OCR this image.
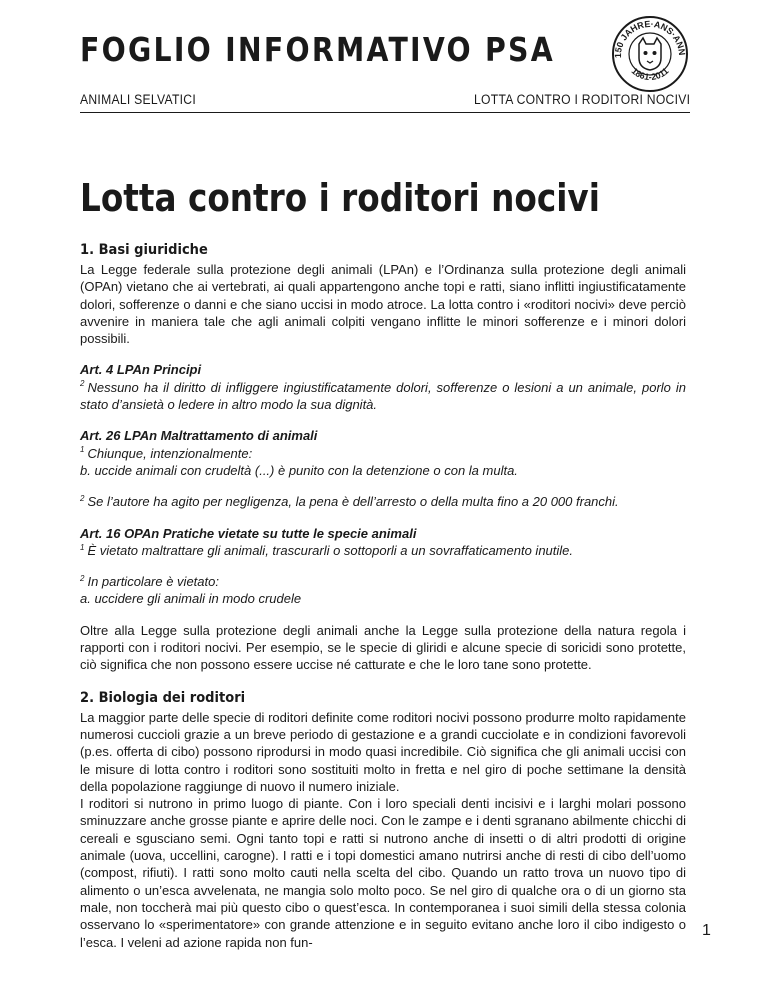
FOGLIO INFORMATIVO PSA	150 JAHRE·ANS·ANN
1861-2011
ANIMALI SELVATICI	LOTTA CONTRO I RODITORI NOCIVI
Lotta contro i roditori nocivi
1. Basi giuridiche

La Legge federale sulla protezione degli animali (LPAn) e l’Ordinanza sulla protezione degli animali (OPAn) vietano che ai vertebrati, ai quali appartengono anche topi e ratti, siano inflitti ingiustificatamente dolori, sofferenze o danni e che siano uccisi in modo atroce. La lotta contro i «roditori nocivi» deve perciò avvenire in maniera tale che agli animali colpiti vengano inflitte le minori sofferenze e i minori dolori possibili.

Art. 4 LPAn Principi

$^2$ Nessuno ha il diritto di infliggere ingiustificatamente dolori, sofferenze o lesioni a un animale, porlo in stato d’ansietà o ledere in altro modo la sua dignità.

Art. 26 LPAn Maltrattamento di animali

$^1$ Chiunque, intenzionalmente:

b. uccide animali con crudeltà (...) è punito con la detenzione o con la multa.

$^2$ Se l’autore ha agito per negligenza, la pena è dell’arresto o della multa fino a 20 000 franchi.

Art. 16 OPAn Pratiche vietate su tutte le specie animali

$^1$ È vietato maltrattare gli animali, trascurarli o sottoporli a un sovraffaticamento inutile.

$^2$ In particolare è vietato:

a. uccidere gli animali in modo crudele

Oltre alla Legge sulla protezione degli animali anche la Legge sulla protezione della natura regola i rapporti con i roditori nocivi. Per esempio, se le specie di gliridi e alcune specie di soricidi sono protette, ciò significa che non possono essere uccise né catturate e che le loro tane sono protette.

2. Biologia dei roditori

La maggior parte delle specie di roditori definite come roditori nocivi possono produrre molto rapidamente numerosi cuccioli grazie a un breve periodo di gestazione e a grandi cucciolate e in condizioni favorevoli (p.es. offerta di cibo) possono riprodursi in modo quasi incredibile. Ciò significa che gli animali uccisi con le misure di lotta contro i roditori sono sostituiti molto in fretta e nel giro di poche settimane la densità della popolazione raggiunge di nuovo il numero iniziale.

I roditori si nutrono in primo luogo di piante. Con i loro speciali denti incisivi e i larghi molari possono sminuzzare anche grosse piante e aprire delle noci. Con le zampe e i denti sgranano abilmente chicchi di cereali e sgusciano semi. Ogni tanto topi e ratti si nutrono anche di insetti o di altri prodotti di origine animale (uova, uccellini, carogne). I ratti e i topi domestici amano nutrirsi anche di resti di cibo dell’uomo (compost, rifiuti). I ratti sono molto cauti nella scelta del cibo. Quando un ratto trova un nuovo tipo di alimento o un’esca avvelenata, ne mangia solo molto poco. Se nel giro di qualche ora o di un giorno sta male, non toccherà mai più questo cibo o quest’esca. In contemporanea i suoi simili della stessa colonia osservano lo «sperimentatore» con grande attenzione e in seguito evitano anche loro il cibo indigesto o l’esca. I veleni ad azione rapida non fun-

1
